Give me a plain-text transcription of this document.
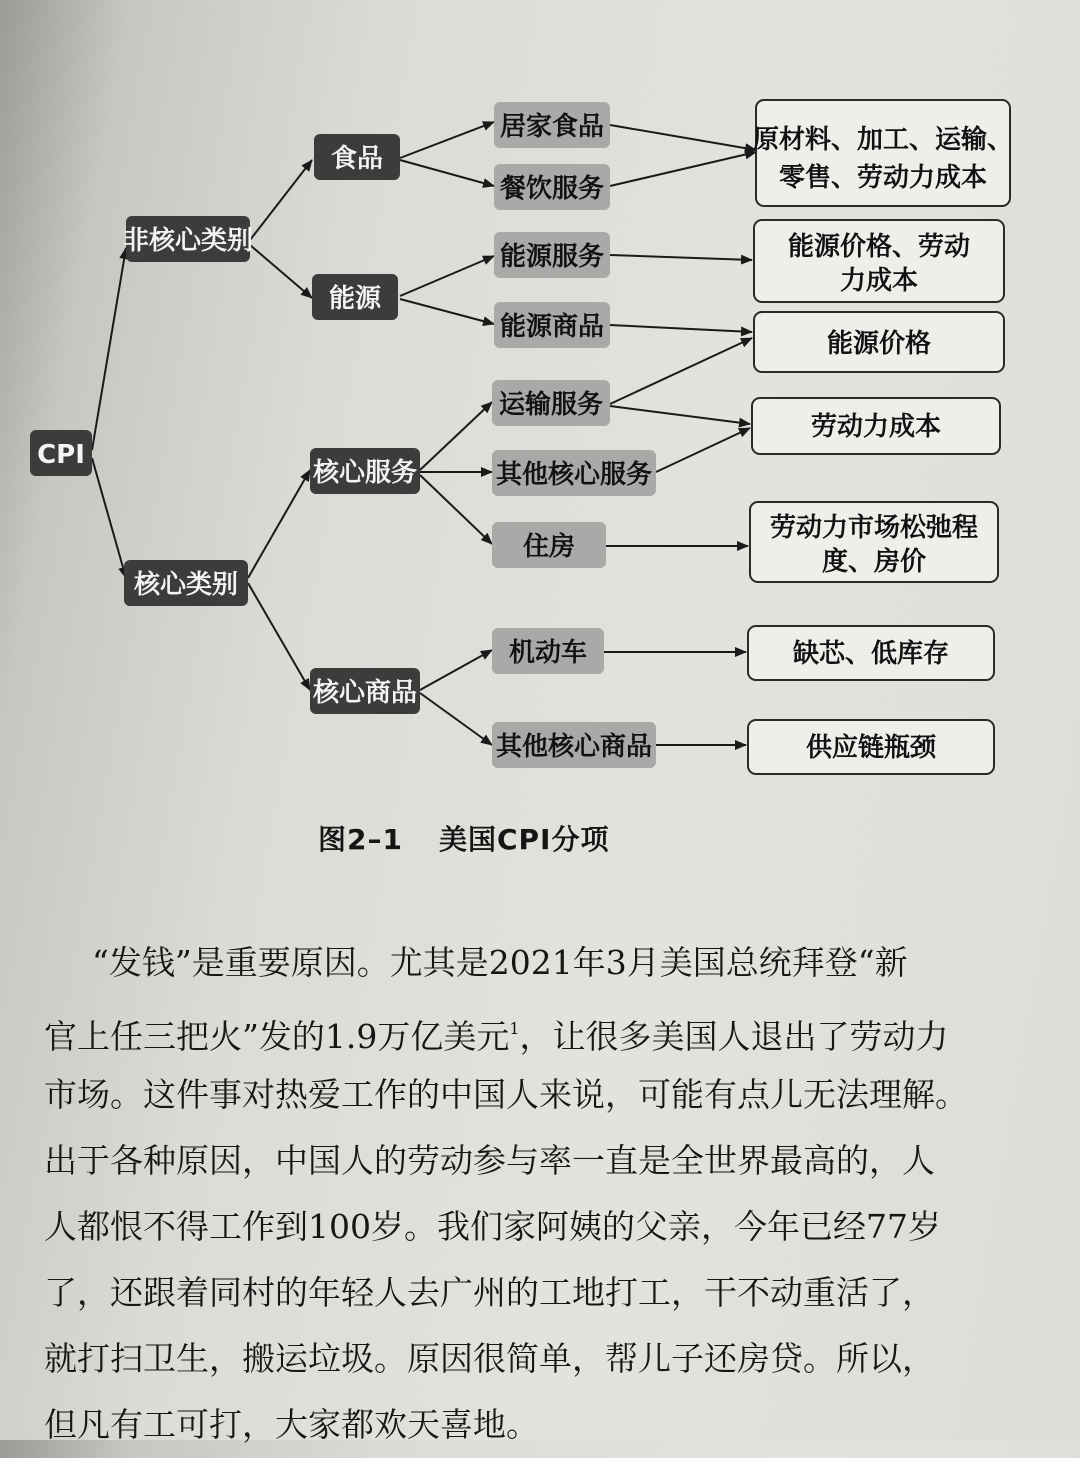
CPI
非核心类别
核心类别
食品
能源
核心服务
核心商品
居家食品
餐饮服务
能源服务
能源商品
运输服务
其他核心服务
住房
机动车
其他核心商品
原材料、加工、运输、
零售、劳动力成本
能源价格、劳动
力成本
能源价格
劳动力成本
劳动力市场松弛程
度、房价
缺芯、低库存
供应链瓶颈
图2–1 美国CPI分项
“发钱”是重要原因。尤其是2021年3月美国总统拜登“新
官上任三把火”发的1.9万亿美元$^1$，让很多美国人退出了劳动力
市场。这件事对热爱工作的中国人来说，可能有点儿无法理解。
出于各种原因，中国人的劳动参与率一直是全世界最高的，人
人都恨不得工作到100岁。我们家阿姨的父亲，今年已经77岁
了，还跟着同村的年轻人去广州的工地打工，干不动重活了，
就打扫卫生，搬运垃圾。原因很简单，帮儿子还房贷。所以，
但凡有工可打，大家都欢天喜地。
